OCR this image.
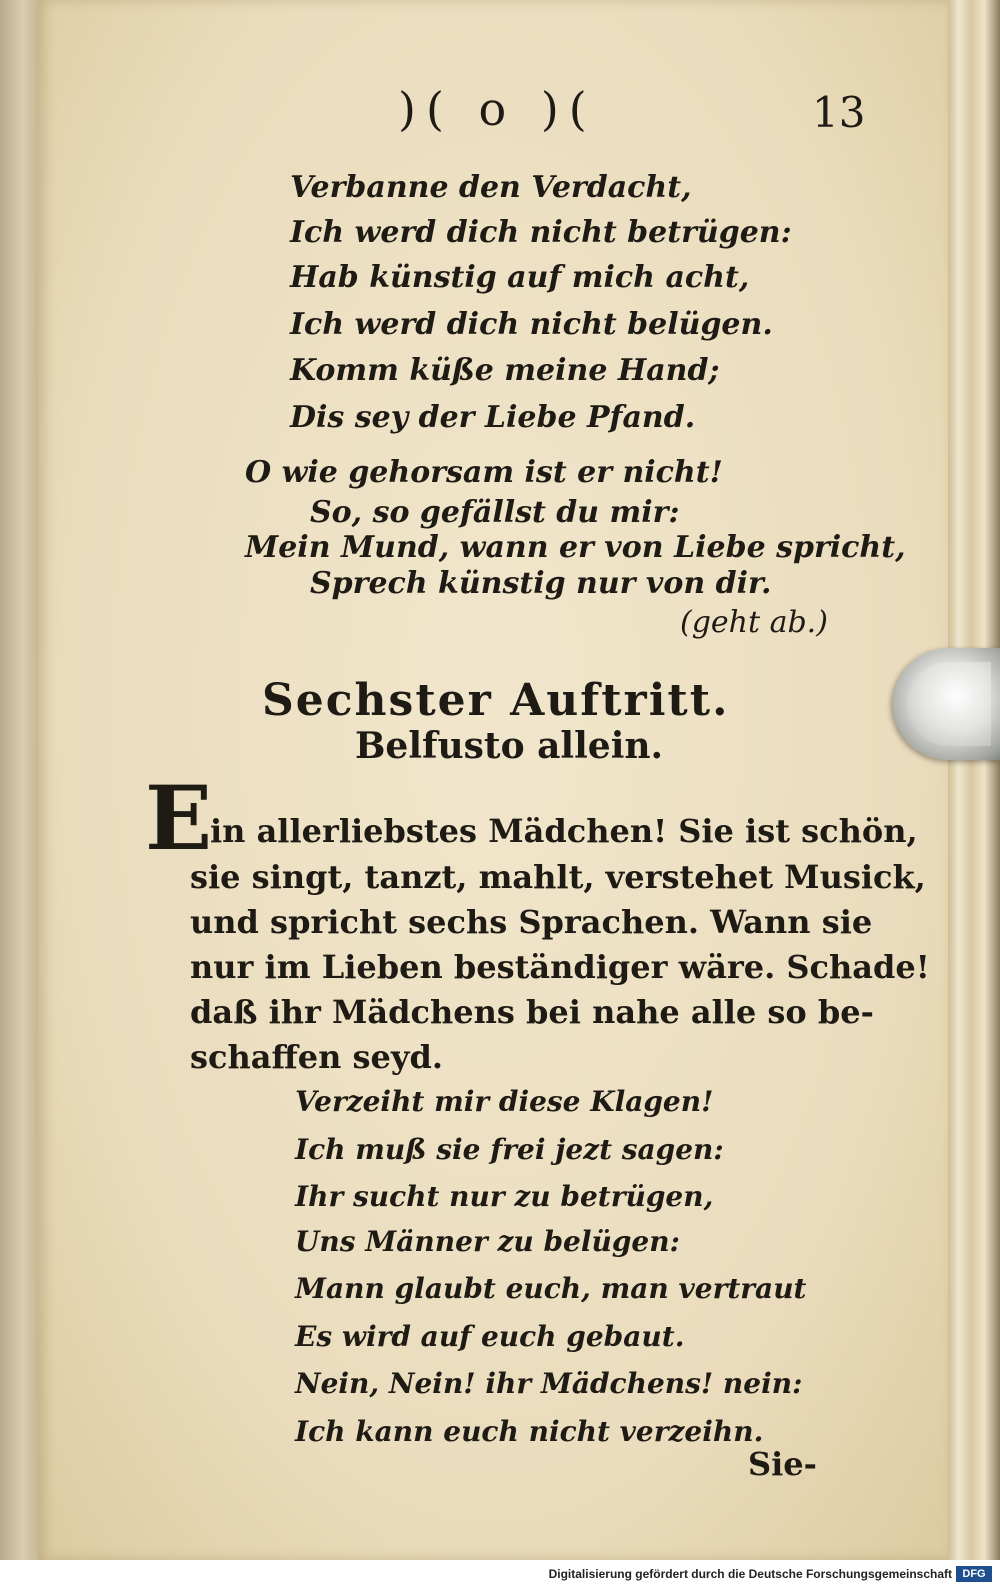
)( o )(	13
Verbanne den Verdacht,
Ich werd dich nicht betrügen:
Hab künstig auf mich acht,
Ich werd dich nicht belügen.
Komm küße meine Hand;
Dis sey der Liebe Pfand.
O wie gehorsam ist er nicht!
So, so gefällst du mir:
Mein Mund, wann er von Liebe spricht,
Sprech künstig nur von dir.
(geht ab.)
Sechster Auftritt.
Belfusto allein.
E
in allerliebstes Mädchen! Sie ist schön,
sie singt, tanzt, mahlt, verstehet Musick,
und spricht sechs Sprachen. Wann sie
nur im Lieben beständiger wäre. Schade!
daß ihr Mädchens bei nahe alle so be-
schaffen seyd.
Verzeiht mir diese Klagen!
Ich muß sie frei jezt sagen:
Ihr sucht nur zu betrügen,
Uns Männer zu belügen:
Mann glaubt euch, man vertraut
Es wird auf euch gebaut.
Nein, Nein! ihr Mädchens! nein:
Ich kann euch nicht verzeihn.
Sie-
Digitalisierung gefördert durch die Deutsche Forschungsgemeinschaft DFG
